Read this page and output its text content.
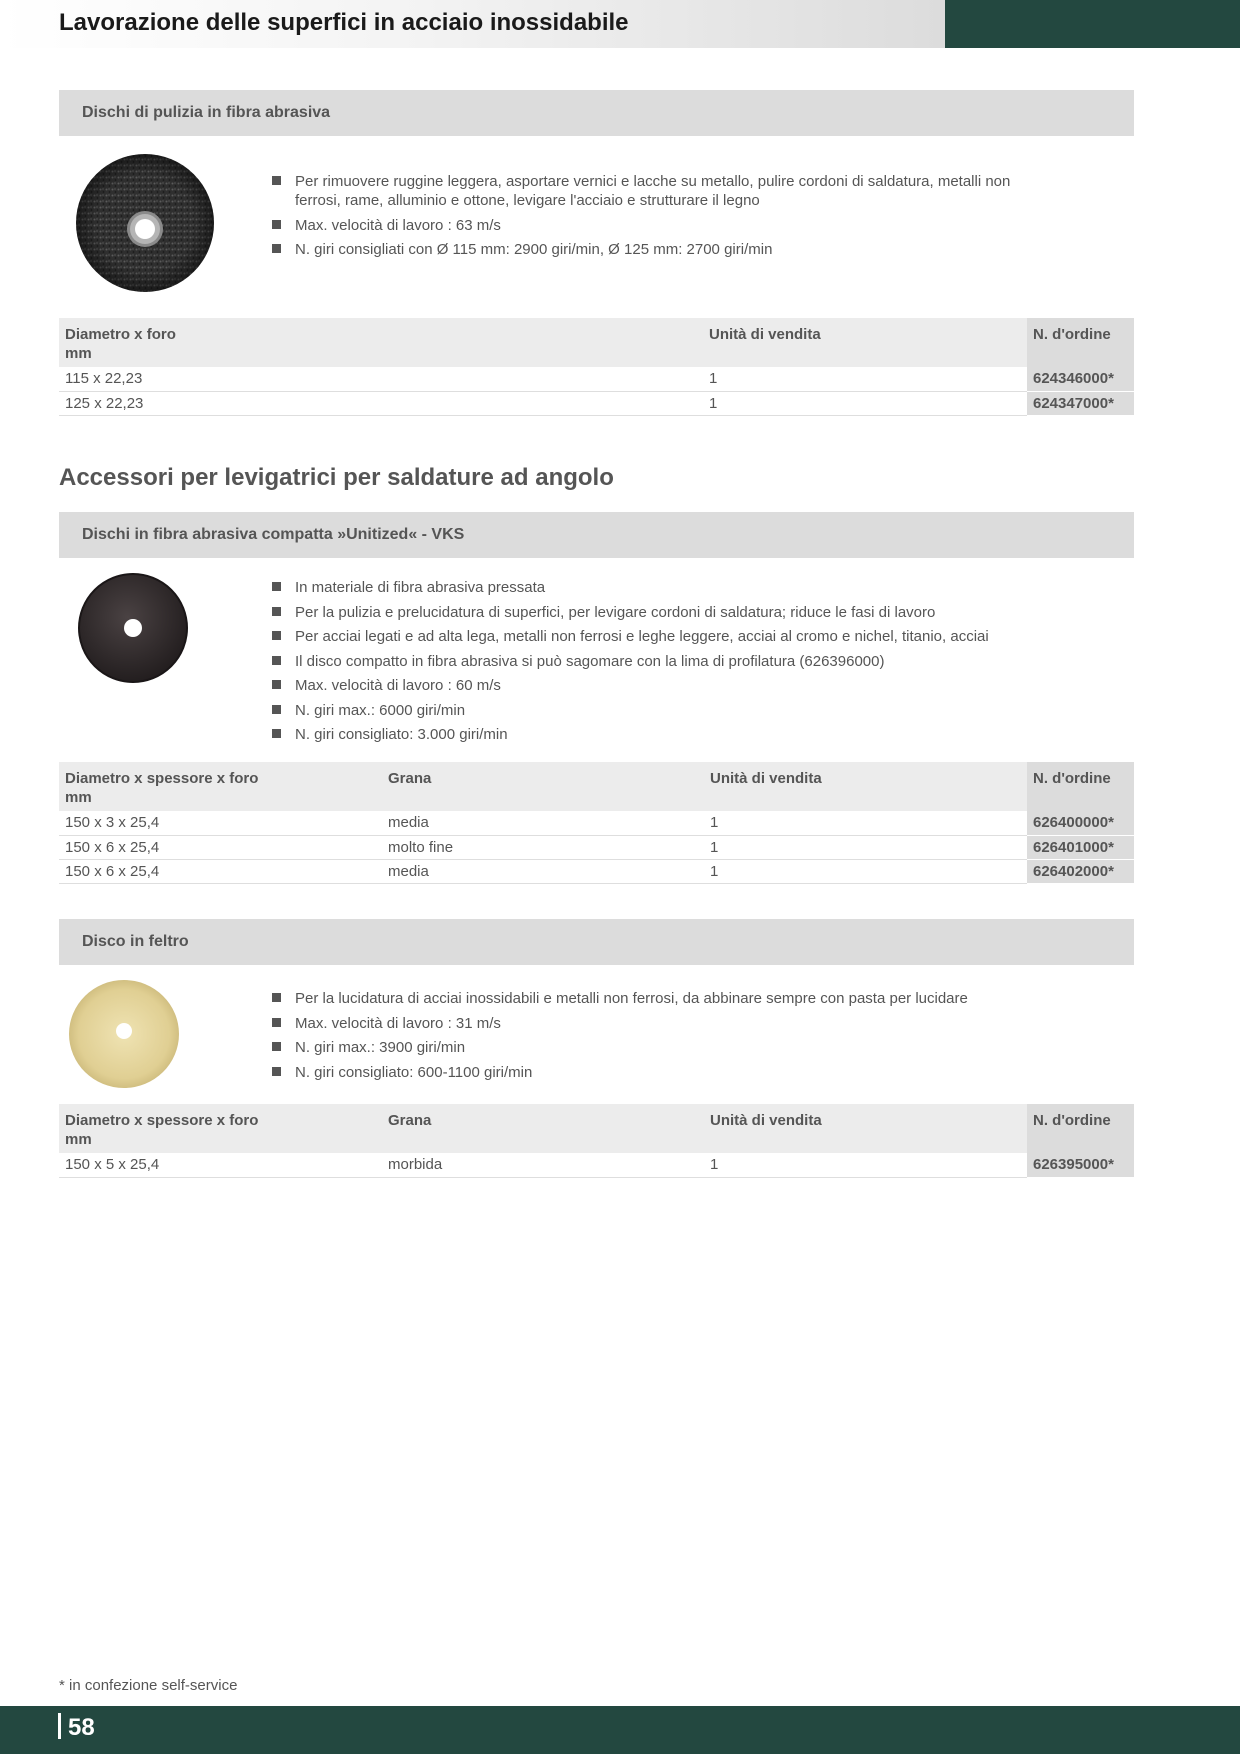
Lavorazione delle superfici in acciaio inossidabile
Dischi di pulizia in fibra abrasiva
Per rimuovere ruggine leggera, asportare vernici e lacche su metallo, pulire cordoni di saldatura, metalli non ferrosi, rame, alluminio e ottone, levigare l'acciaio e strutturare il legno
Max. velocità di lavoro : 63 m/s
N. giri consigliati con Ø 115 mm: 2900 giri/min, Ø 125 mm: 2700 giri/min
Diametro x foro
mm	Unità di vendita	N. d'ordine
115 x 22,23	1	624346000*
125 x 22,23	1	624347000*
Accessori per levigatrici per saldature ad angolo
Dischi in fibra abrasiva compatta »Unitized« - VKS
In materiale di fibra abrasiva pressata
Per la pulizia e prelucidatura di superfici, per levigare cordoni di saldatura; riduce le fasi di lavoro
Per acciai legati e ad alta lega, metalli non ferrosi e leghe leggere, acciai al cromo e nichel, titanio, acciai
Il disco compatto in fibra abrasiva si può sagomare con la lima di profilatura (626396000)
Max. velocità di lavoro : 60 m/s
N. giri max.: 6000 giri/min
N. giri consigliato: 3.000 giri/min
Diametro x spessore x foro
mm	Grana	Unità di vendita	N. d'ordine
150 x 3 x 25,4	media	1	626400000*
150 x 6 x 25,4	molto fine	1	626401000*
150 x 6 x 25,4	media	1	626402000*
Disco in feltro
Per la lucidatura di acciai inossidabili e metalli non ferrosi, da abbinare sempre con pasta per lucidare
Max. velocità di lavoro : 31 m/s
N. giri max.: 3900 giri/min
N. giri consigliato: 600-1100 giri/min
Diametro x spessore x foro
mm	Grana	Unità di vendita	N. d'ordine
150 x 5 x 25,4	morbida	1	626395000*
* in confezione self-service
58
